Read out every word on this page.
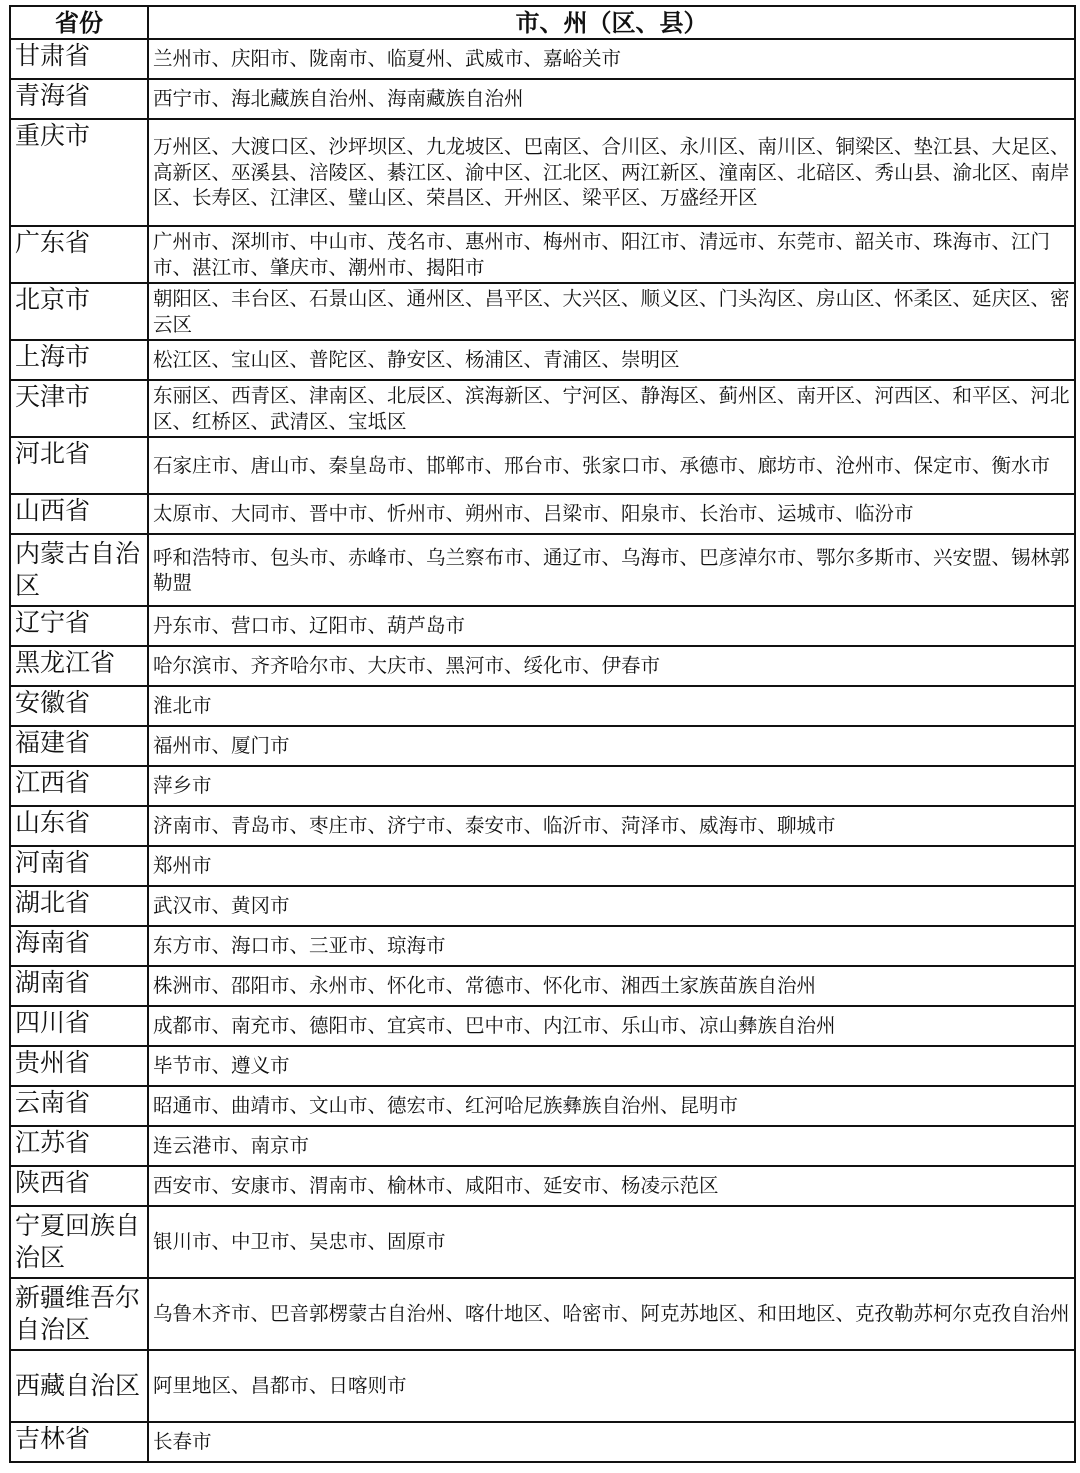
省份	市、州（区、县）
甘肃省	兰州市、庆阳市、陇南市、临夏州、武威市、嘉峪关市
青海省	西宁市、海北藏族自治州、海南藏族自治州
重庆市	万州区、大渡口区、沙坪坝区、九龙坡区、巴南区、合川区、永川区、南川区、铜梁区、垫江县、大足区、高新区、巫溪县、涪陵区、綦江区、渝中区、江北区、两江新区、潼南区、北碚区、秀山县、渝北区、南岸区、长寿区、江津区、璧山区、荣昌区、开州区、梁平区、万盛经开区
广东省	广州市、深圳市、中山市、茂名市、惠州市、梅州市、阳江市、清远市、东莞市、韶关市、珠海市、江门市、湛江市、肇庆市、潮州市、揭阳市
北京市	朝阳区、丰台区、石景山区、通州区、昌平区、大兴区、顺义区、门头沟区、房山区、怀柔区、延庆区、密云区
上海市	松江区、宝山区、普陀区、静安区、杨浦区、青浦区、崇明区
天津市	东丽区、西青区、津南区、北辰区、滨海新区、宁河区、静海区、蓟州区、南开区、河西区、和平区、河北区、红桥区、武清区、宝坻区
河北省	石家庄市、唐山市、秦皇岛市、邯郸市、邢台市、张家口市、承德市、廊坊市、沧州市、保定市、衡水市
山西省	太原市、大同市、晋中市、忻州市、朔州市、吕梁市、阳泉市、长治市、运城市、临汾市
内蒙古自治区	呼和浩特市、包头市、赤峰市、乌兰察布市、通辽市、乌海市、巴彦淖尔市、鄂尔多斯市、兴安盟、锡林郭勒盟
辽宁省	丹东市、营口市、辽阳市、葫芦岛市
黑龙江省	哈尔滨市、齐齐哈尔市、大庆市、黑河市、绥化市、伊春市
安徽省	淮北市
福建省	福州市、厦门市
江西省	萍乡市
山东省	济南市、青岛市、枣庄市、济宁市、泰安市、临沂市、菏泽市、威海市、聊城市
河南省	郑州市
湖北省	武汉市、黄冈市
海南省	东方市、海口市、三亚市、琼海市
湖南省	株洲市、邵阳市、永州市、怀化市、常德市、怀化市、湘西土家族苗族自治州
四川省	成都市、南充市、德阳市、宜宾市、巴中市、内江市、乐山市、凉山彝族自治州
贵州省	毕节市、遵义市
云南省	昭通市、曲靖市、文山市、德宏市、红河哈尼族彝族自治州、昆明市
江苏省	连云港市、南京市
陕西省	西安市、安康市、渭南市、榆林市、咸阳市、延安市、杨凌示范区
宁夏回族自治区	银川市、中卫市、吴忠市、固原市
新疆维吾尔自治区	乌鲁木齐市、巴音郭楞蒙古自治州、喀什地区、哈密市、阿克苏地区、和田地区、克孜勒苏柯尔克孜自治州
西藏自治区	阿里地区、昌都市、日喀则市
吉林省	长春市
